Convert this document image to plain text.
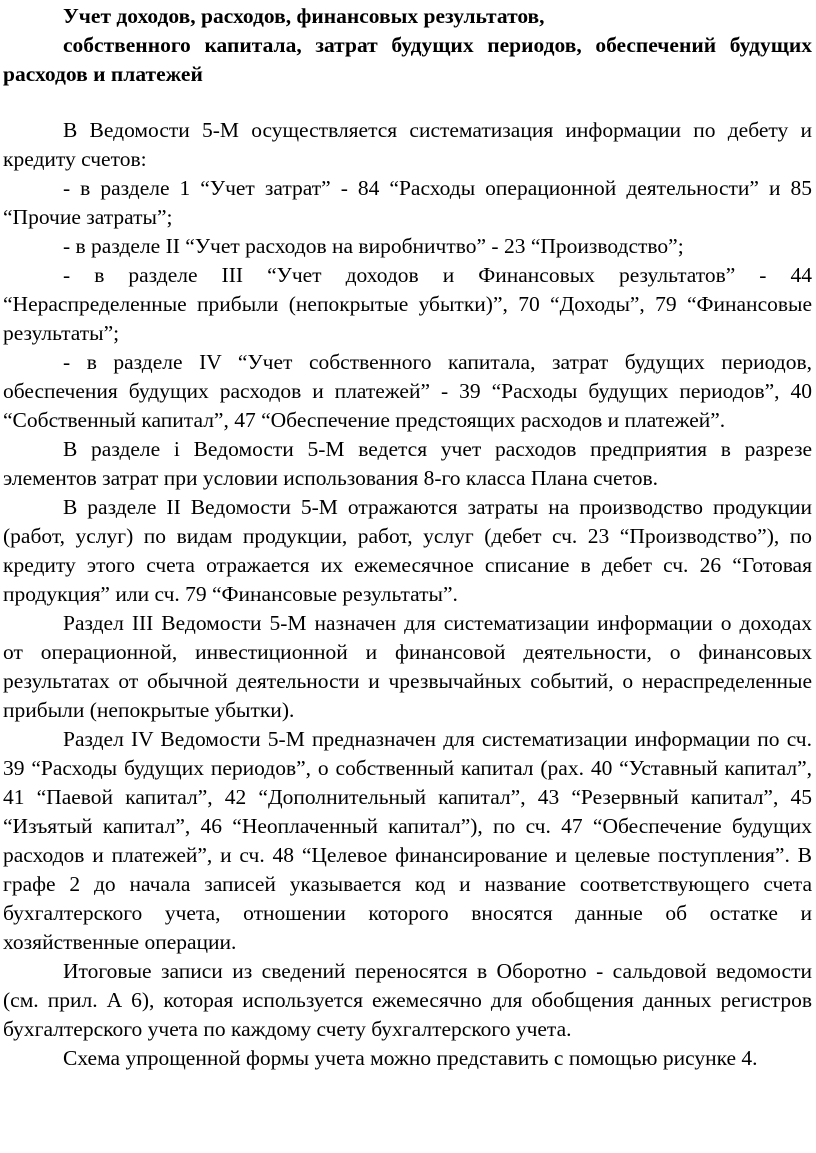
Учет доходов, расходов, финансовых результатов,
собственного капитала, затрат будущих периодов, обеспечений будущих расходов и платежей

В Ведомости 5-М осуществляется систематизация информации по дебету и кредиту счетов:

- в разделе 1 “Учет затрат” - 84 “Расходы операционной деятельности” и 85 “Прочие затраты”;

- в разделе II “Учет расходов на виробничтво” - 23 “Производство”;

- в разделе III “Учет доходов и Финансовых результатов” - 44 “Нераспределенные прибыли (непокрытые убытки)”, 70 “Доходы”, 79 “Финансовые результаты”;

- в разделе IV “Учет собственного капитала, затрат будущих периодов, обеспечения будущих расходов и платежей” - 39 “Расходы будущих периодов”, 40 “Собственный капитал”, 47 “Обеспечение предстоящих расходов и платежей”.

В разделе і Ведомости 5-М ведется учет расходов предприятия в разрезе элементов затрат при условии использования 8-го класса Плана счетов.

В разделе II Ведомости 5-М отражаются затраты на производство продукции (работ, услуг) по видам продукции, работ, услуг (дебет сч. 23 “Производство”), по кредиту этого счета отражается их ежемесячное списание в дебет сч. 26 “Готовая продукция” или сч. 79 “Финансовые результаты”.

Раздел III Ведомости 5-М назначен для систематизации информации о доходах от операционной, инвестиционной и финансовой деятельности, о финансовых результатах от обычной деятельности и чрезвычайных событий, о нераспределенные прибыли (непокрытые убытки).

Раздел IV Ведомости 5-М предназначен для систематизации информации по сч. 39 “Расходы будущих периодов”, о собственный капитал (рах. 40 “Уставный капитал”, 41 “Паевой капитал”, 42 “Дополнительный капитал”, 43 “Резервный капитал”, 45 “Изъятый капитал”, 46 “Неоплаченный капитал”), по сч. 47 “Обеспечение будущих расходов и платежей”, и сч. 48 “Целевое финансирование и целевые поступления”. В графе 2 до начала записей указывается код и название соответствующего счета бухгалтерского учета, отношении которого вносятся данные об остатке и хозяйственные операции.

Итоговые записи из сведений переносятся в Оборотно - сальдовой ведомости (см. прил. А 6), которая используется ежемесячно для обобщения данных регистров бухгалтерского учета по каждому счету бухгалтерского учета.

Схема упрощенной формы учета можно представить с помощью рисунке 4.
